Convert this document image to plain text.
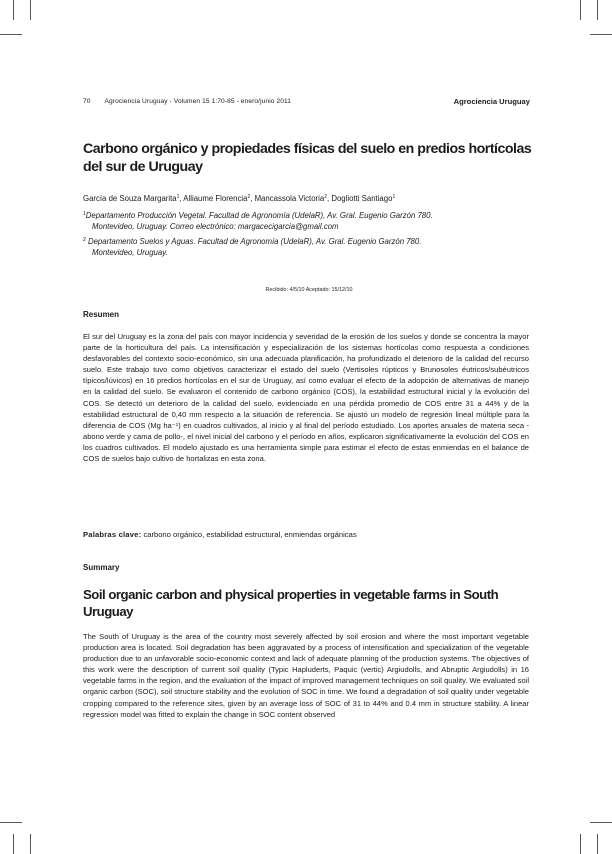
70 Agrociencia Uruguay - Volumen 15 1:70-85 - enero/junio 2011	Agrociencia Uruguay
Carbono orgánico y propiedades físicas del suelo en predios hortícolas del sur de Uruguay
García de Souza Margarita$^1$, Alliaume Florencia$^2$, Mancassola Victoria$^2$, Dogliotti Santiago$^1$
$^1$Departamento Producción Vegetal. Facultad de Agronomía (UdelaR), Av. Gral. Eugenio Garzón 780.
Montevideo, Uruguay. Correo electrónico: margacecigarcia@gmail.com
$^2$ Departamento Suelos y Aguas. Facultad de Agronomía (UdelaR), Av. Gral. Eugenio Garzón 780.
Montevideo, Uruguay.
Recibido: 4/5/10 Aceptado: 15/12/10
Resumen

El sur del Uruguay es la zona del país con mayor incidencia y severidad de la erosión de los suelos y donde se concentra la mayor parte de la horticultura del país. La intensificación y especialización de los sistemas hortícolas como respuesta a condiciones desfavorables del contexto socio-económico, sin una adecuada planificación, ha profundizado el deterioro de la calidad del recurso suelo. Este trabajo tuvo como objetivos caracterizar el estado del suelo (Vertisoles rúpticos y Brunosoles éutricos/subéutricos típicos/lúvicos) en 16 predios hortícolas en el sur de Uruguay, así como evaluar el efecto de la adopción de alternativas de manejo en la calidad del suelo. Se evaluaron el contenido de carbono orgánico (COS), la estabilidad estructural inicial y la evolución del COS. Se detectó un deterioro de la calidad del suelo, evidenciado en una pérdida promedio de COS entre 31 a 44% y de la estabilidad estructural de 0,40 mm respecto a la situación de referencia. Se ajustó un modelo de regresión lineal múltiple para la diferencia de COS (Mg ha⁻¹) en cuadros cultivados, al inicio y al final del período estudiado. Los aportes anuales de materia seca -abono verde y cama de pollo-, el nivel inicial del carbono y el período en años, explicaron significativamente la evolución del COS en los cuadros cultivados. El modelo ajustado es una herramienta simple para estimar el efecto de estas enmiendas en el balance de COS de suelos bajo cultivo de hortalizas en esta zona.

Palabras clave: carbono orgánico, estabilidad estructural, enmiendas orgánicas
Summary
Soil organic carbon and physical properties in vegetable farms in South Uruguay

The South of Uruguay is the area of the country most severely affected by soil erosion and where the most important vegetable production area is located. Soil degradation has been aggravated by a process of intensification and specialization of the vegetable production due to an unfavorable socio-economic context and lack of adequate planning of the production systems. The objectives of this work were the description of current soil quality (Typic Hapluderts, Paquic (vertic) Argiudolls, and Abruptic Argiudolls) in 16 vegetable farms in the region, and the evaluation of the impact of improved management techniques on soil quality. We evaluated soil organic carbon (SOC), soil structure stability and the evolution of SOC in time. We found a degradation of soil quality under vegetable cropping compared to the reference sites, given by an average loss of SOC of 31 to 44% and 0.4 mm in structure stability. A linear regression model was fitted to explain the change in SOC content observed
